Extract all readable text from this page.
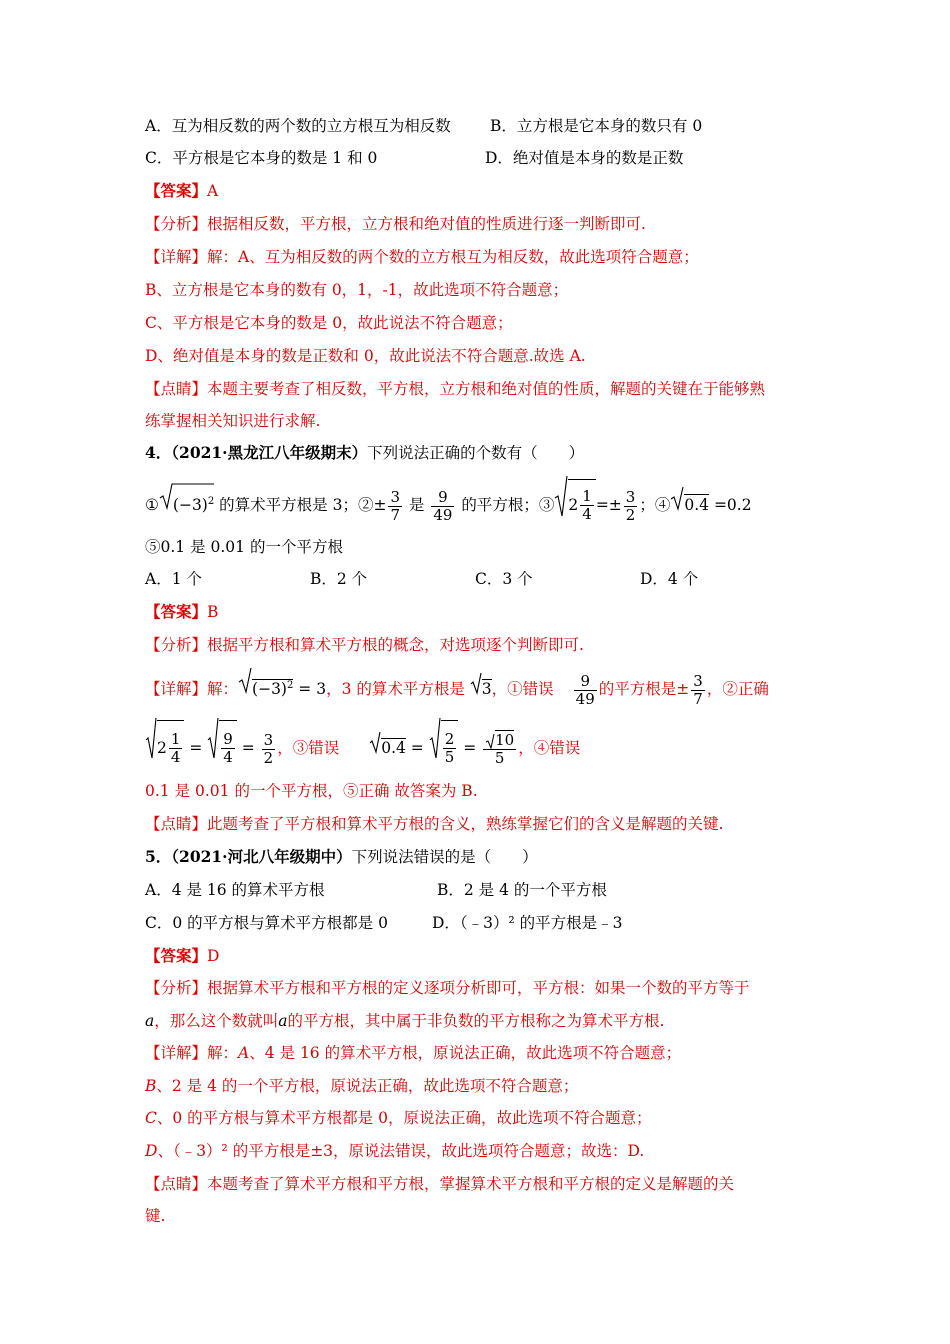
A．互为相反数的两个数的立方根互为相反数	B．立方根是它本身的数只有 0
C．平方根是它本身的数是 1 和 0	D．绝对值是本身的数是正数
【答案】A
【分析】根据相反数，平方根，立方根和绝对值的性质进行逐一判断即可.
【详解】解：A、互为相反数的两个数的立方根互为相反数，故此选项符合题意；
B、立方根是它本身的数有 0，1，-1，故此选项不符合题意；
C、平方根是它本身的数是 0，故此说法不符合题意；
D、绝对值是本身的数是正数和 0，故此说法不符合题意.故选 A.
【点睛】本题主要考查了相反数，平方根，立方根和绝对值的性质，解题的关键在于能够熟
练掌握相关知识进行求解.
4．（2021·黑龙江八年级期末）下列说法正确的个数有（　　）
① $(-3)^2$ 的算术平方根是 3；②± $\frac{3}{7}$ 是 $\frac{9}{49}$ 的平方根；③ $2 \frac{1}{4} =\pm \frac{3}{2}$ ；④ 0.4 =0.2
⑤0.1 是 0.01 的一个平方根
A．1 个	B．2 个	C．3 个	D．4 个
【答案】B
【分析】根据平方根和算术平方根的概念，对选项逐个判断即可.
【详解】解： $(-3)^2 = 3$，3 的算术平方根是 3，①错误 $\frac{9}{49}$ 的平方根是± $\frac{3}{7}$ ，②正确
$2 \frac{1}{4} = \frac{9}{4} = \frac{3}{2}$ ，③错误	$0.4 = \frac{2}{5} = \frac{10}{5}$ ，④错误
0.1 是 0.01 的一个平方根，⑤正确 故答案为 B.
【点睛】此题考查了平方根和算术平方根的含义，熟练掌握它们的含义是解题的关键.
5．（2021·河北八年级期中）下列说法错误的是（　　）
A．4 是 16 的算术平方根	B．2 是 4 的一个平方根
C．0 的平方根与算术平方根都是 0	D．（﹣3）² 的平方根是﹣3
【答案】D
【分析】根据算术平方根和平方根的定义逐项分析即可，平方根：如果一个数的平方等于
a，那么这个数就叫a的平方根，其中属于非负数的平方根称之为算术平方根.
【详解】解：A、4 是 16 的算术平方根，原说法正确，故此选项不符合题意；
B、2 是 4 的一个平方根，原说法正确，故此选项不符合题意；
C、0 的平方根与算术平方根都是 0，原说法正确，故此选项不符合题意；
D、（﹣3）² 的平方根是±3，原说法错误，故此选项符合题意；故选：D.
【点睛】本题考查了算术平方根和平方根，掌握算术平方根和平方根的定义是解题的关
键.
